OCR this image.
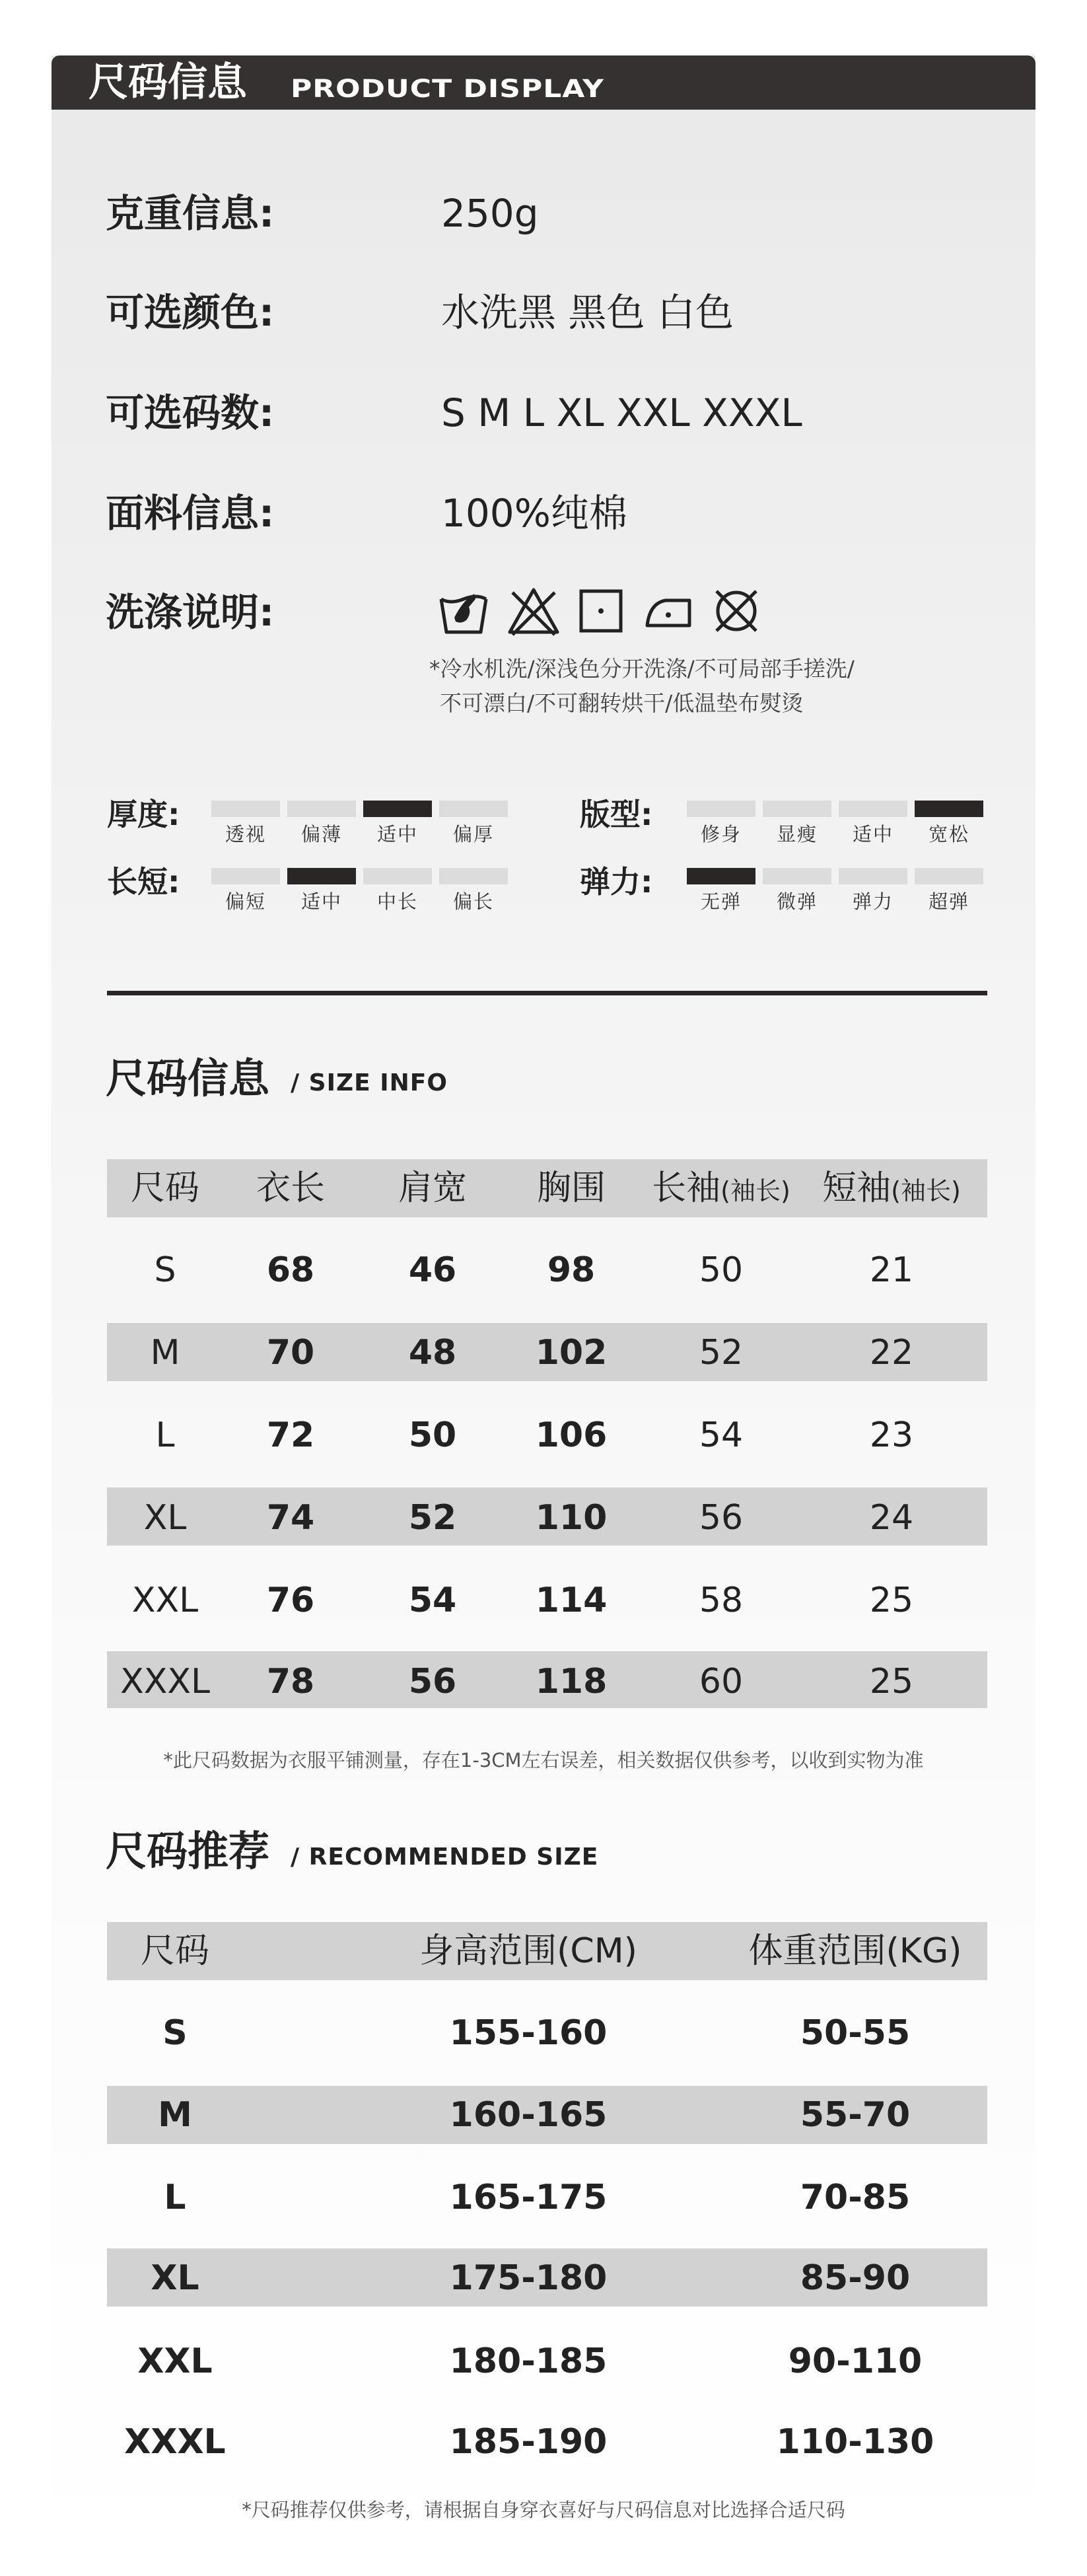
尺码信息 PRODUCT DISPLAY
克重信息:	250g
可选颜色:	水洗黑 黑色 白色
可选码数:	S M L XL XXL XXXL
面料信息:	100%纯棉
洗涤说明:
*冷水机洗/深浅色分开洗涤/不可局部手搓洗/
不可漂白/不可翻转烘干/低温垫布熨烫
厚度:	版型:
长短:	弹力:
透视	偏薄	适中	偏厚	修身	显瘦	适中	宽松
偏短	适中	中长	偏长	无弹	微弹	弹力	超弹
尺码信息 / SIZE INFO
尺码	衣长	肩宽	胸围	长袖(袖长) 短袖(袖长)
S	68	46	98	50	21
M	70	48	102	52	22
L	72	50	106	54	23
XL	74	52	110	56	24
XXL	76	54	114	58	25
XXXL	78	56	118	60	25
*此尺码数据为衣服平铺测量，存在1-3CM左右误差，相关数据仅供参考，以收到实物为准
尺码推荐 / RECOMMENDED SIZE
尺码	身高范围(CM)	体重范围(KG)
S	155-160	50-55
M	160-165	55-70
L	165-175	70-85
XL	175-180	85-90
XXL	180-185	90-110
XXXL	185-190	110-130
*尺码推荐仅供参考，请根据自身穿衣喜好与尺码信息对比选择合适尺码
